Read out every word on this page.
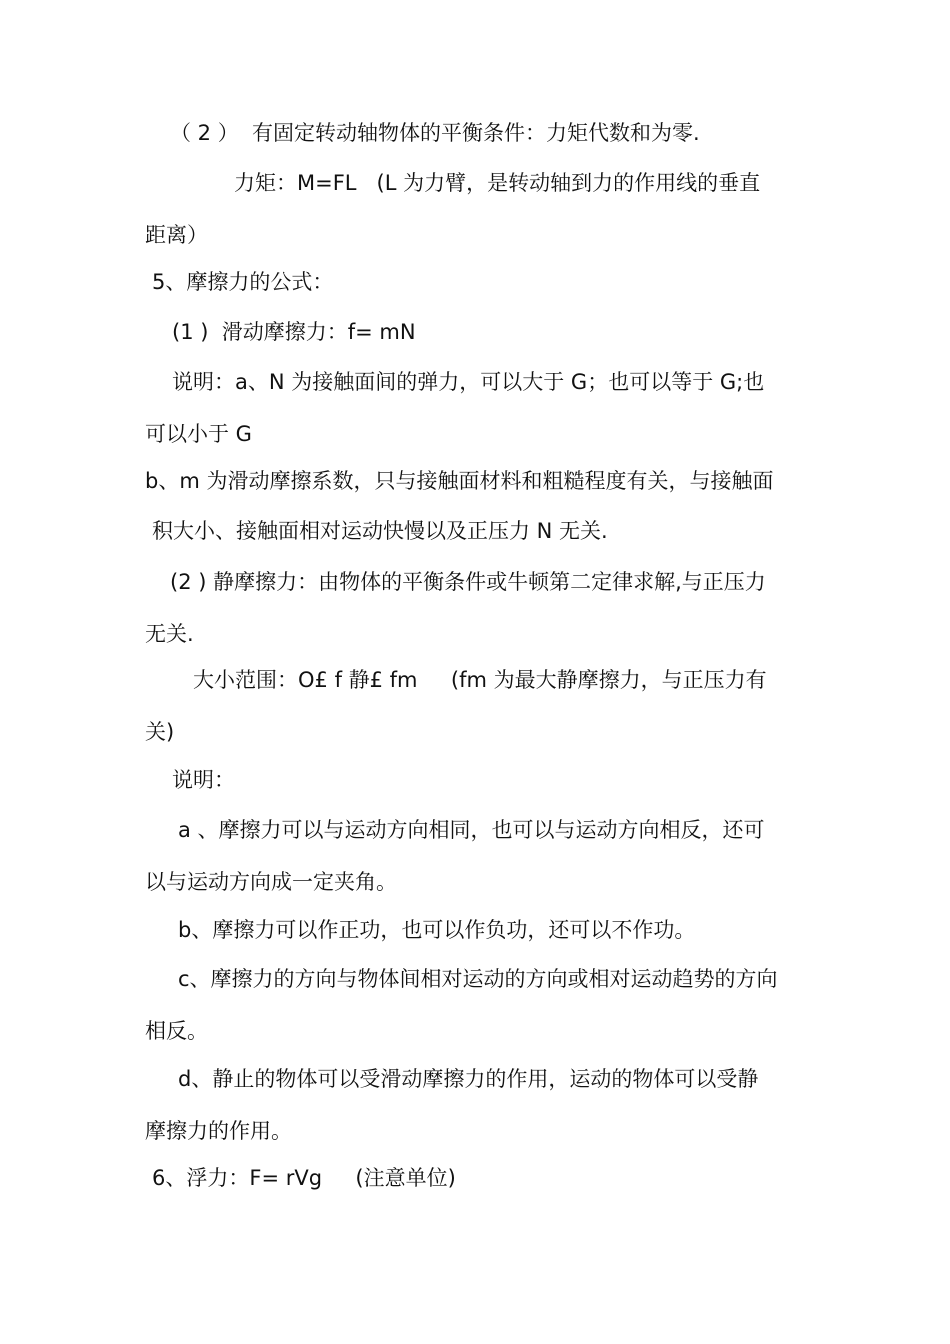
（ 2 ）  有固定转动轴物体的平衡条件：力矩代数和为零.
力矩：M=FL   (L 为力臂，是转动轴到力的作用线的垂直
距离）
5、摩擦力的公式：
(1 )  滑动摩擦力：f= mN
说明：a、N 为接触面间的弹力，可以大于 G；也可以等于 G;也
可以小于 G
b、m 为滑动摩擦系数，只与接触面材料和粗糙程度有关，与接触面
积大小、接触面相对运动快慢以及正压力 N 无关.
(2 ) 静摩擦力：由物体的平衡条件或牛顿第二定律求解,与正压力
无关.
大小范围：O£ f 静£ fm     (fm 为最大静摩擦力，与正压力有
关)
说明：
a 、摩擦力可以与运动方向相同，也可以与运动方向相反，还可
以与运动方向成一定夹角。
b、摩擦力可以作正功，也可以作负功，还可以不作功。
c、摩擦力的方向与物体间相对运动的方向或相对运动趋势的方向
相反。
d、静止的物体可以受滑动摩擦力的作用，运动的物体可以受静
摩擦力的作用。
6、浮力：F= rVg     (注意单位)
